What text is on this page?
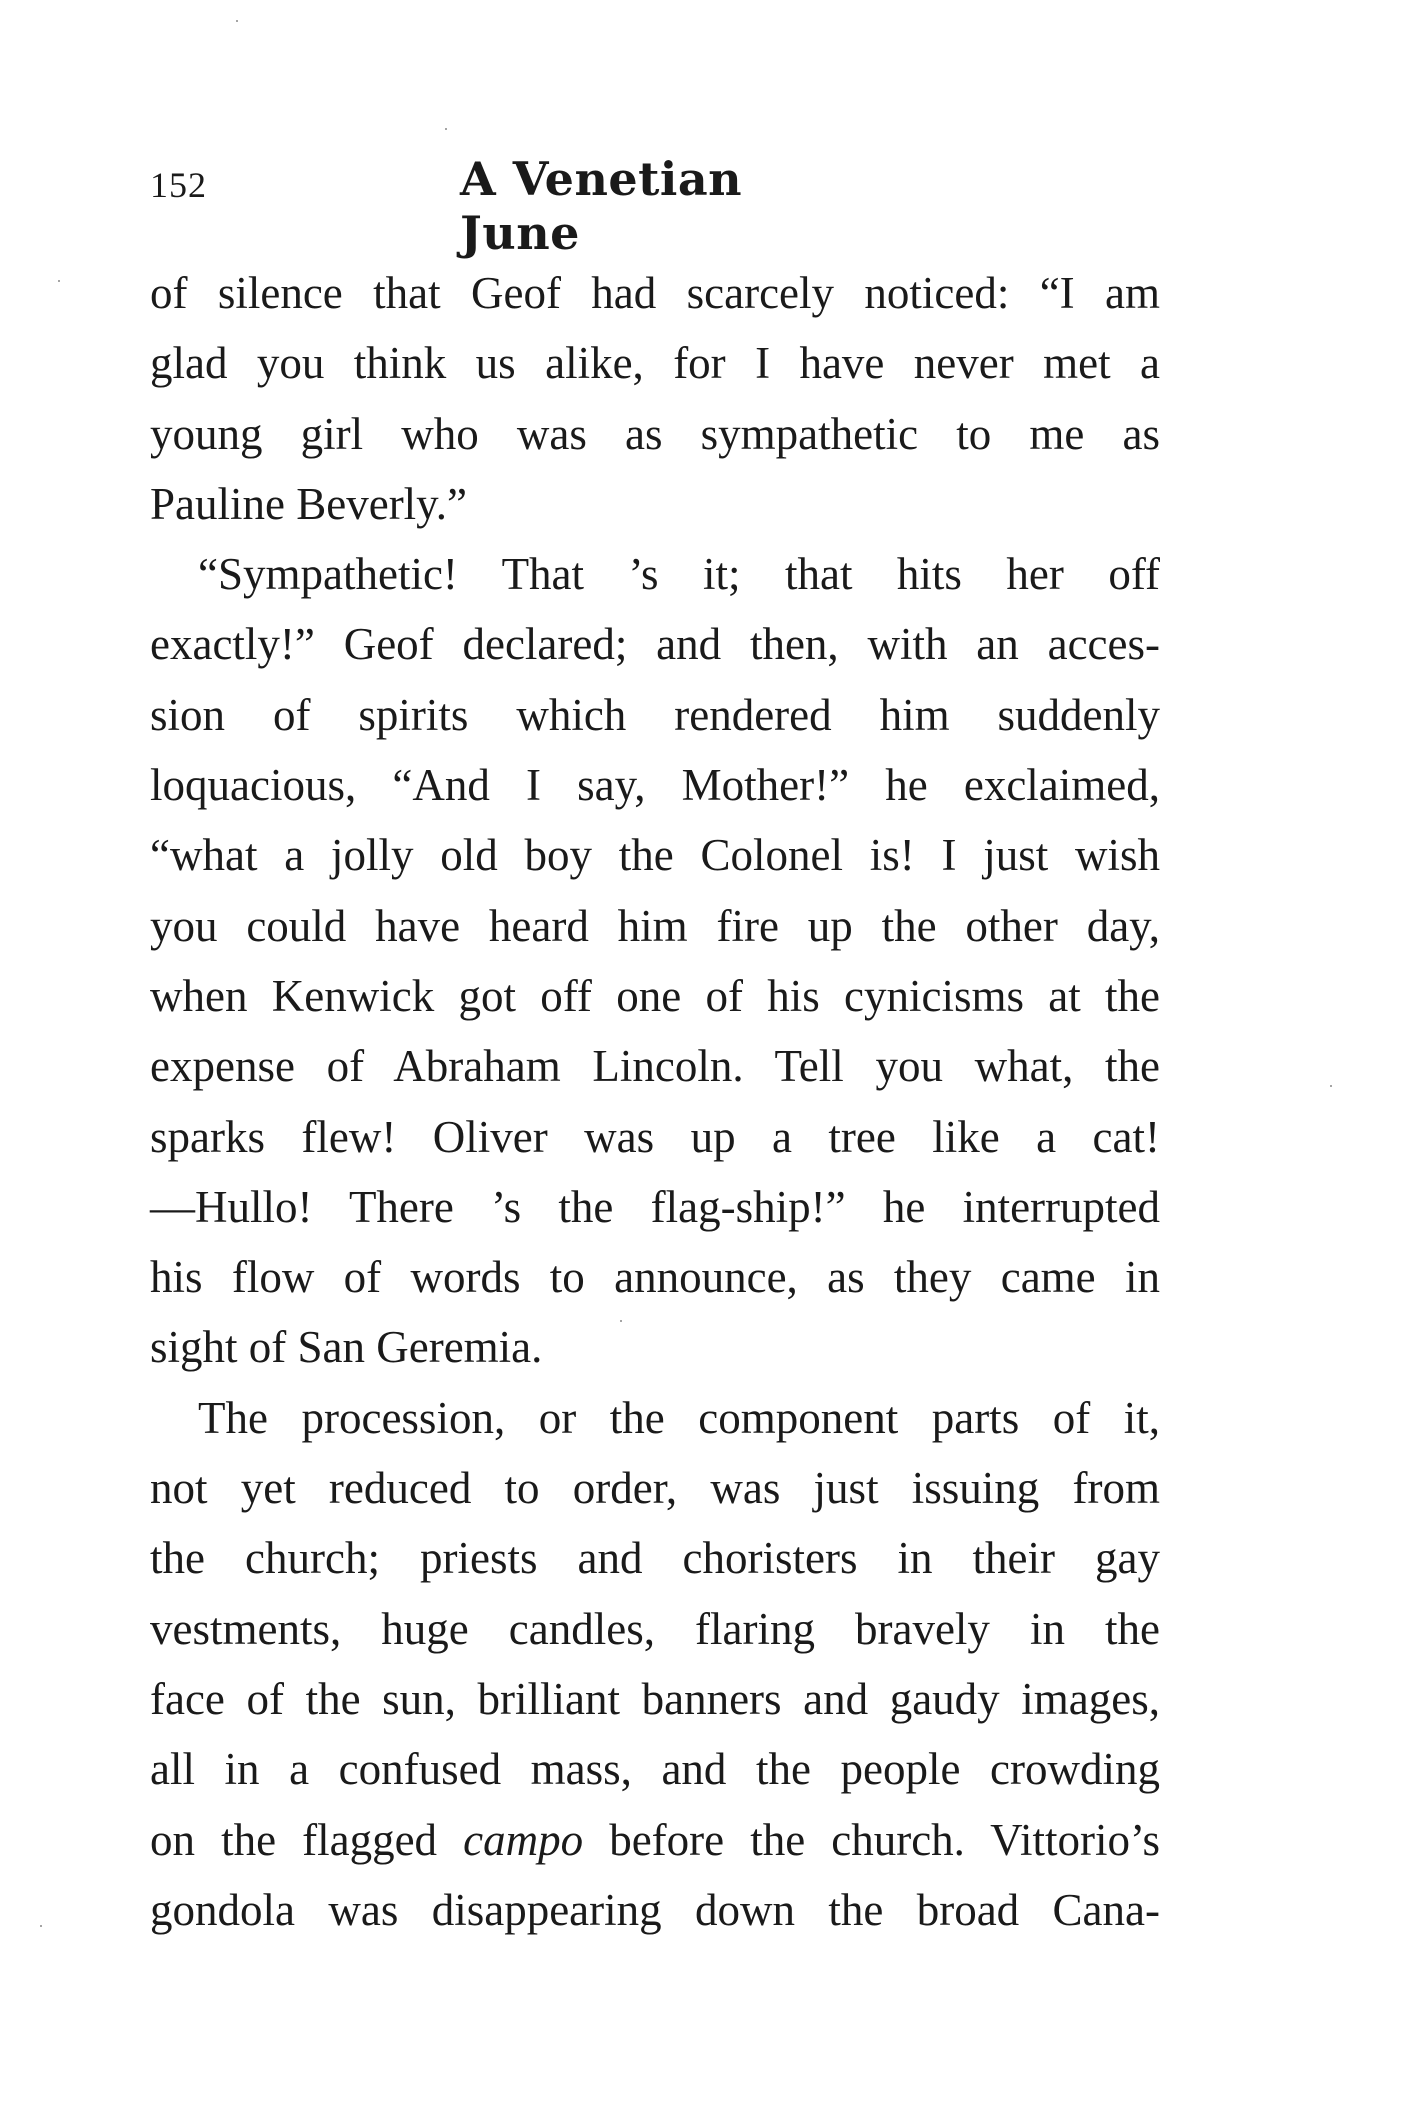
152	A Venetian June
of silence that Geof had scarcely noticed: “I am
glad you think us alike, for I have never met a
young girl who was as sympathetic to me as
Pauline Beverly.”
“Sympathetic! That ’s it; that hits her off
exactly!” Geof declared; and then, with an acces-
sion of spirits which rendered him suddenly
loquacious, “And I say, Mother!” he exclaimed,
“what a jolly old boy the Colonel is! I just wish
you could have heard him fire up the other day,
when Kenwick got off one of his cynicisms at the
expense of Abraham Lincoln. Tell you what, the
sparks flew! Oliver was up a tree like a cat!
—Hullo! There ’s the flag-ship!” he interrupted
his flow of words to announce, as they came in
sight of San Geremia.
The procession, or the component parts of it,
not yet reduced to order, was just issuing from
the church; priests and choristers in their gay
vestments, huge candles, flaring bravely in the
face of the sun, brilliant banners and gaudy images,
all in a confused mass, and the people crowding
on the flagged campo before the church. Vittorio’s
gondola was disappearing down the broad Cana-
